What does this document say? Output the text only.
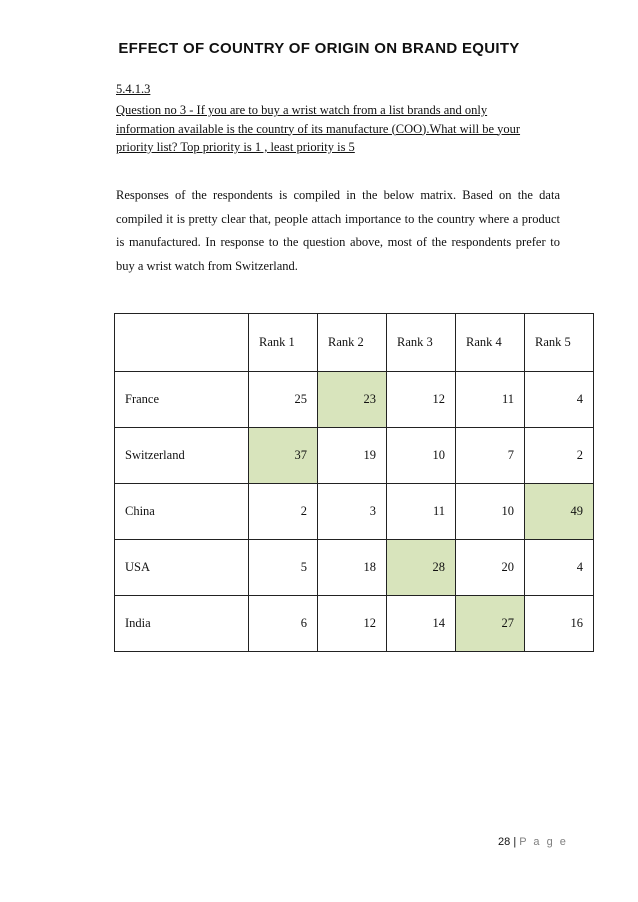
EFFECT OF COUNTRY OF ORIGIN ON BRAND EQUITY
5.4.1.3
Question no 3 - If you are to buy a wrist watch from a list brands and only
information available is the country of its manufacture (COO).What will be your
priority list? Top priority is 1 , least priority is 5
Responses of the respondents is compiled in the below matrix. Based on the data compiled it is pretty clear that, people attach importance to the country where a product is manufactured. In response to the question above, most of the respondents prefer to buy a wrist watch from Switzerland.
	Rank 1	Rank 2	Rank 3	Rank 4	Rank 5
France	25	23	12	11	4
Switzerland	37	19	10	7	2
China	2	3	11	10	49
USA	5	18	28	20	4
India	6	12	14	27	16
28 | P a g e
